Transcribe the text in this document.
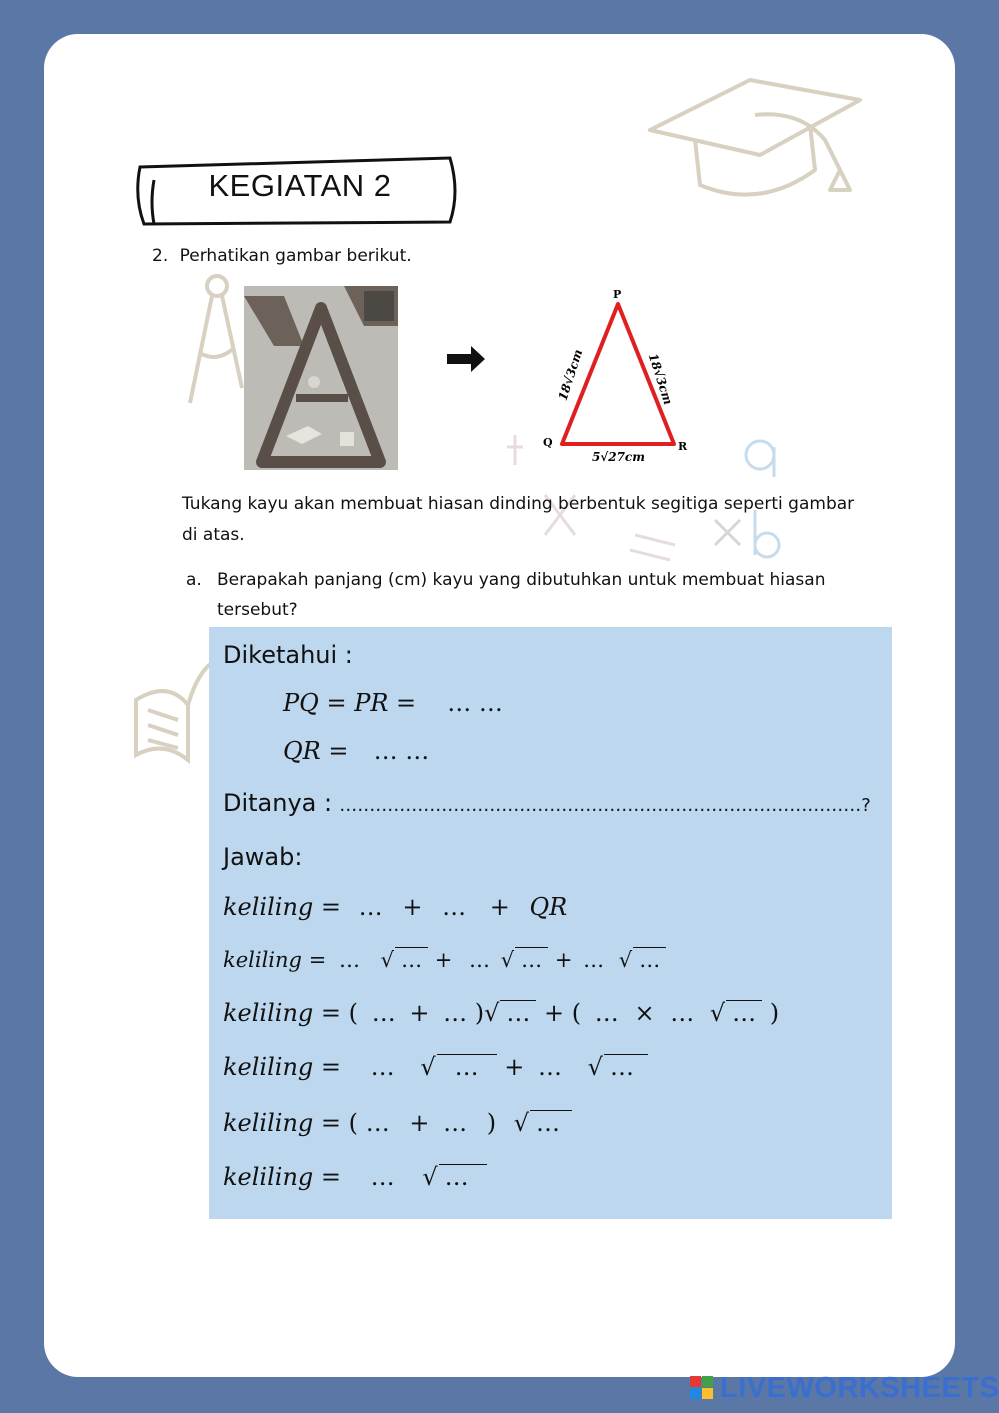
KEGIATAN 2
2. Perhatikan gambar berikut.
P
Q	R
18√3cm	18√3cm
5√27cm
Tukang kayu akan membuat hiasan dinding berbentuk segitiga seperti gambar di atas.
a. Berapakah panjang (cm) kayu yang dibutuhkan untuk membuat hiasan tersebut?
Diketahui :
PQ = PR = … …
QR = … …
Ditanya : ……………………………………………………………………………?
Jawab:
keliling = … + … + QR
keliling = … √ … + … √ … + … √ …
keliling = ( … + … )√ … + ( … × … √ … )
keliling = … √ … + … √ …
keliling = ( … + … ) √ …
keliling = … √ …
LIVEWORKSHEETS
